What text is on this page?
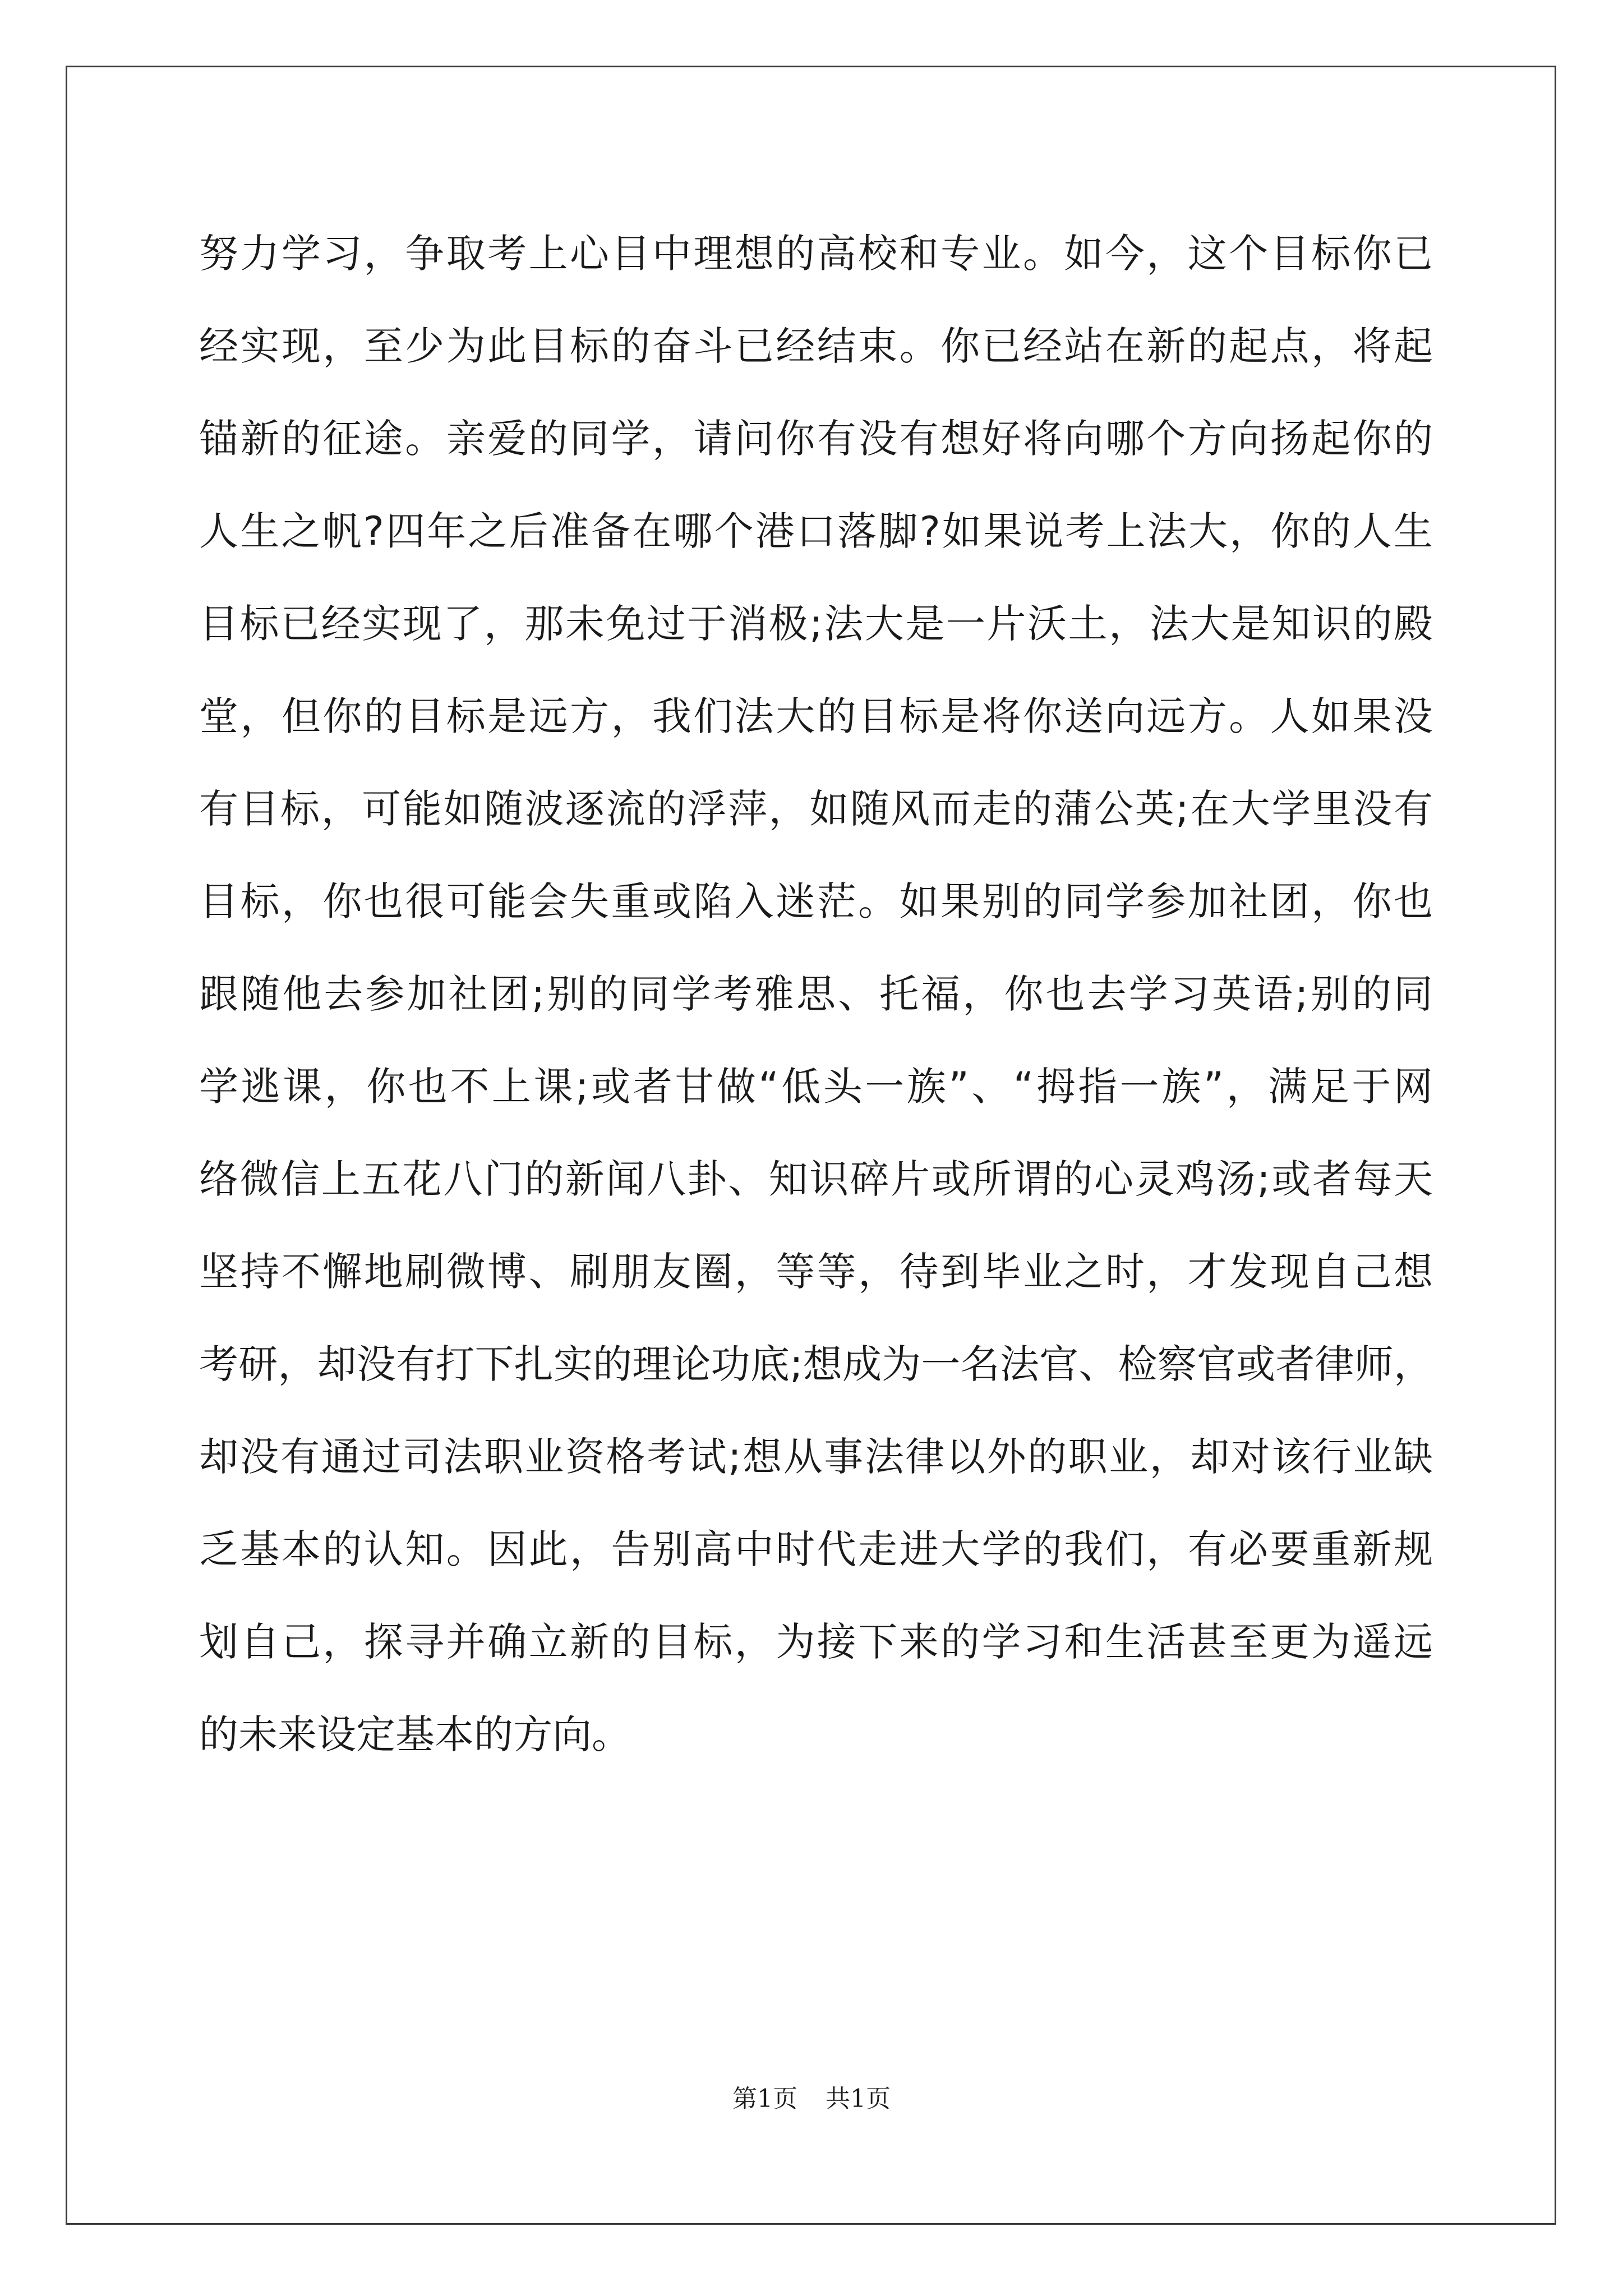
努力学习，争取考上心目中理想的高校和专业。如今，这个目标你已
经实现，至少为此目标的奋斗已经结束。你已经站在新的起点，将起
锚新的征途。亲爱的同学，请问你有没有想好将向哪个方向扬起你的
人生之帆?四年之后准备在哪个港口落脚?如果说考上法大，你的人生
目标已经实现了，那未免过于消极;法大是一片沃土，法大是知识的殿
堂，但你的目标是远方，我们法大的目标是将你送向远方。人如果没
有目标，可能如随波逐流的浮萍，如随风而走的蒲公英;在大学里没有
目标，你也很可能会失重或陷入迷茫。如果别的同学参加社团，你也
跟随他去参加社团;别的同学考雅思、托福，你也去学习英语;别的同
学逃课，你也不上课;或者甘做“低头一族”、“拇指一族”，满足于网
络微信上五花八门的新闻八卦、知识碎片或所谓的心灵鸡汤;或者每天
坚持不懈地刷微博、刷朋友圈，等等，待到毕业之时，才发现自己想
考研，却没有打下扎实的理论功底;想成为一名法官、检察官或者律师，
却没有通过司法职业资格考试;想从事法律以外的职业，却对该行业缺
乏基本的认知。因此，告别高中时代走进大学的我们，有必要重新规
划自己，探寻并确立新的目标，为接下来的学习和生活甚至更为遥远
的未来设定基本的方向。
第1页 共1页
